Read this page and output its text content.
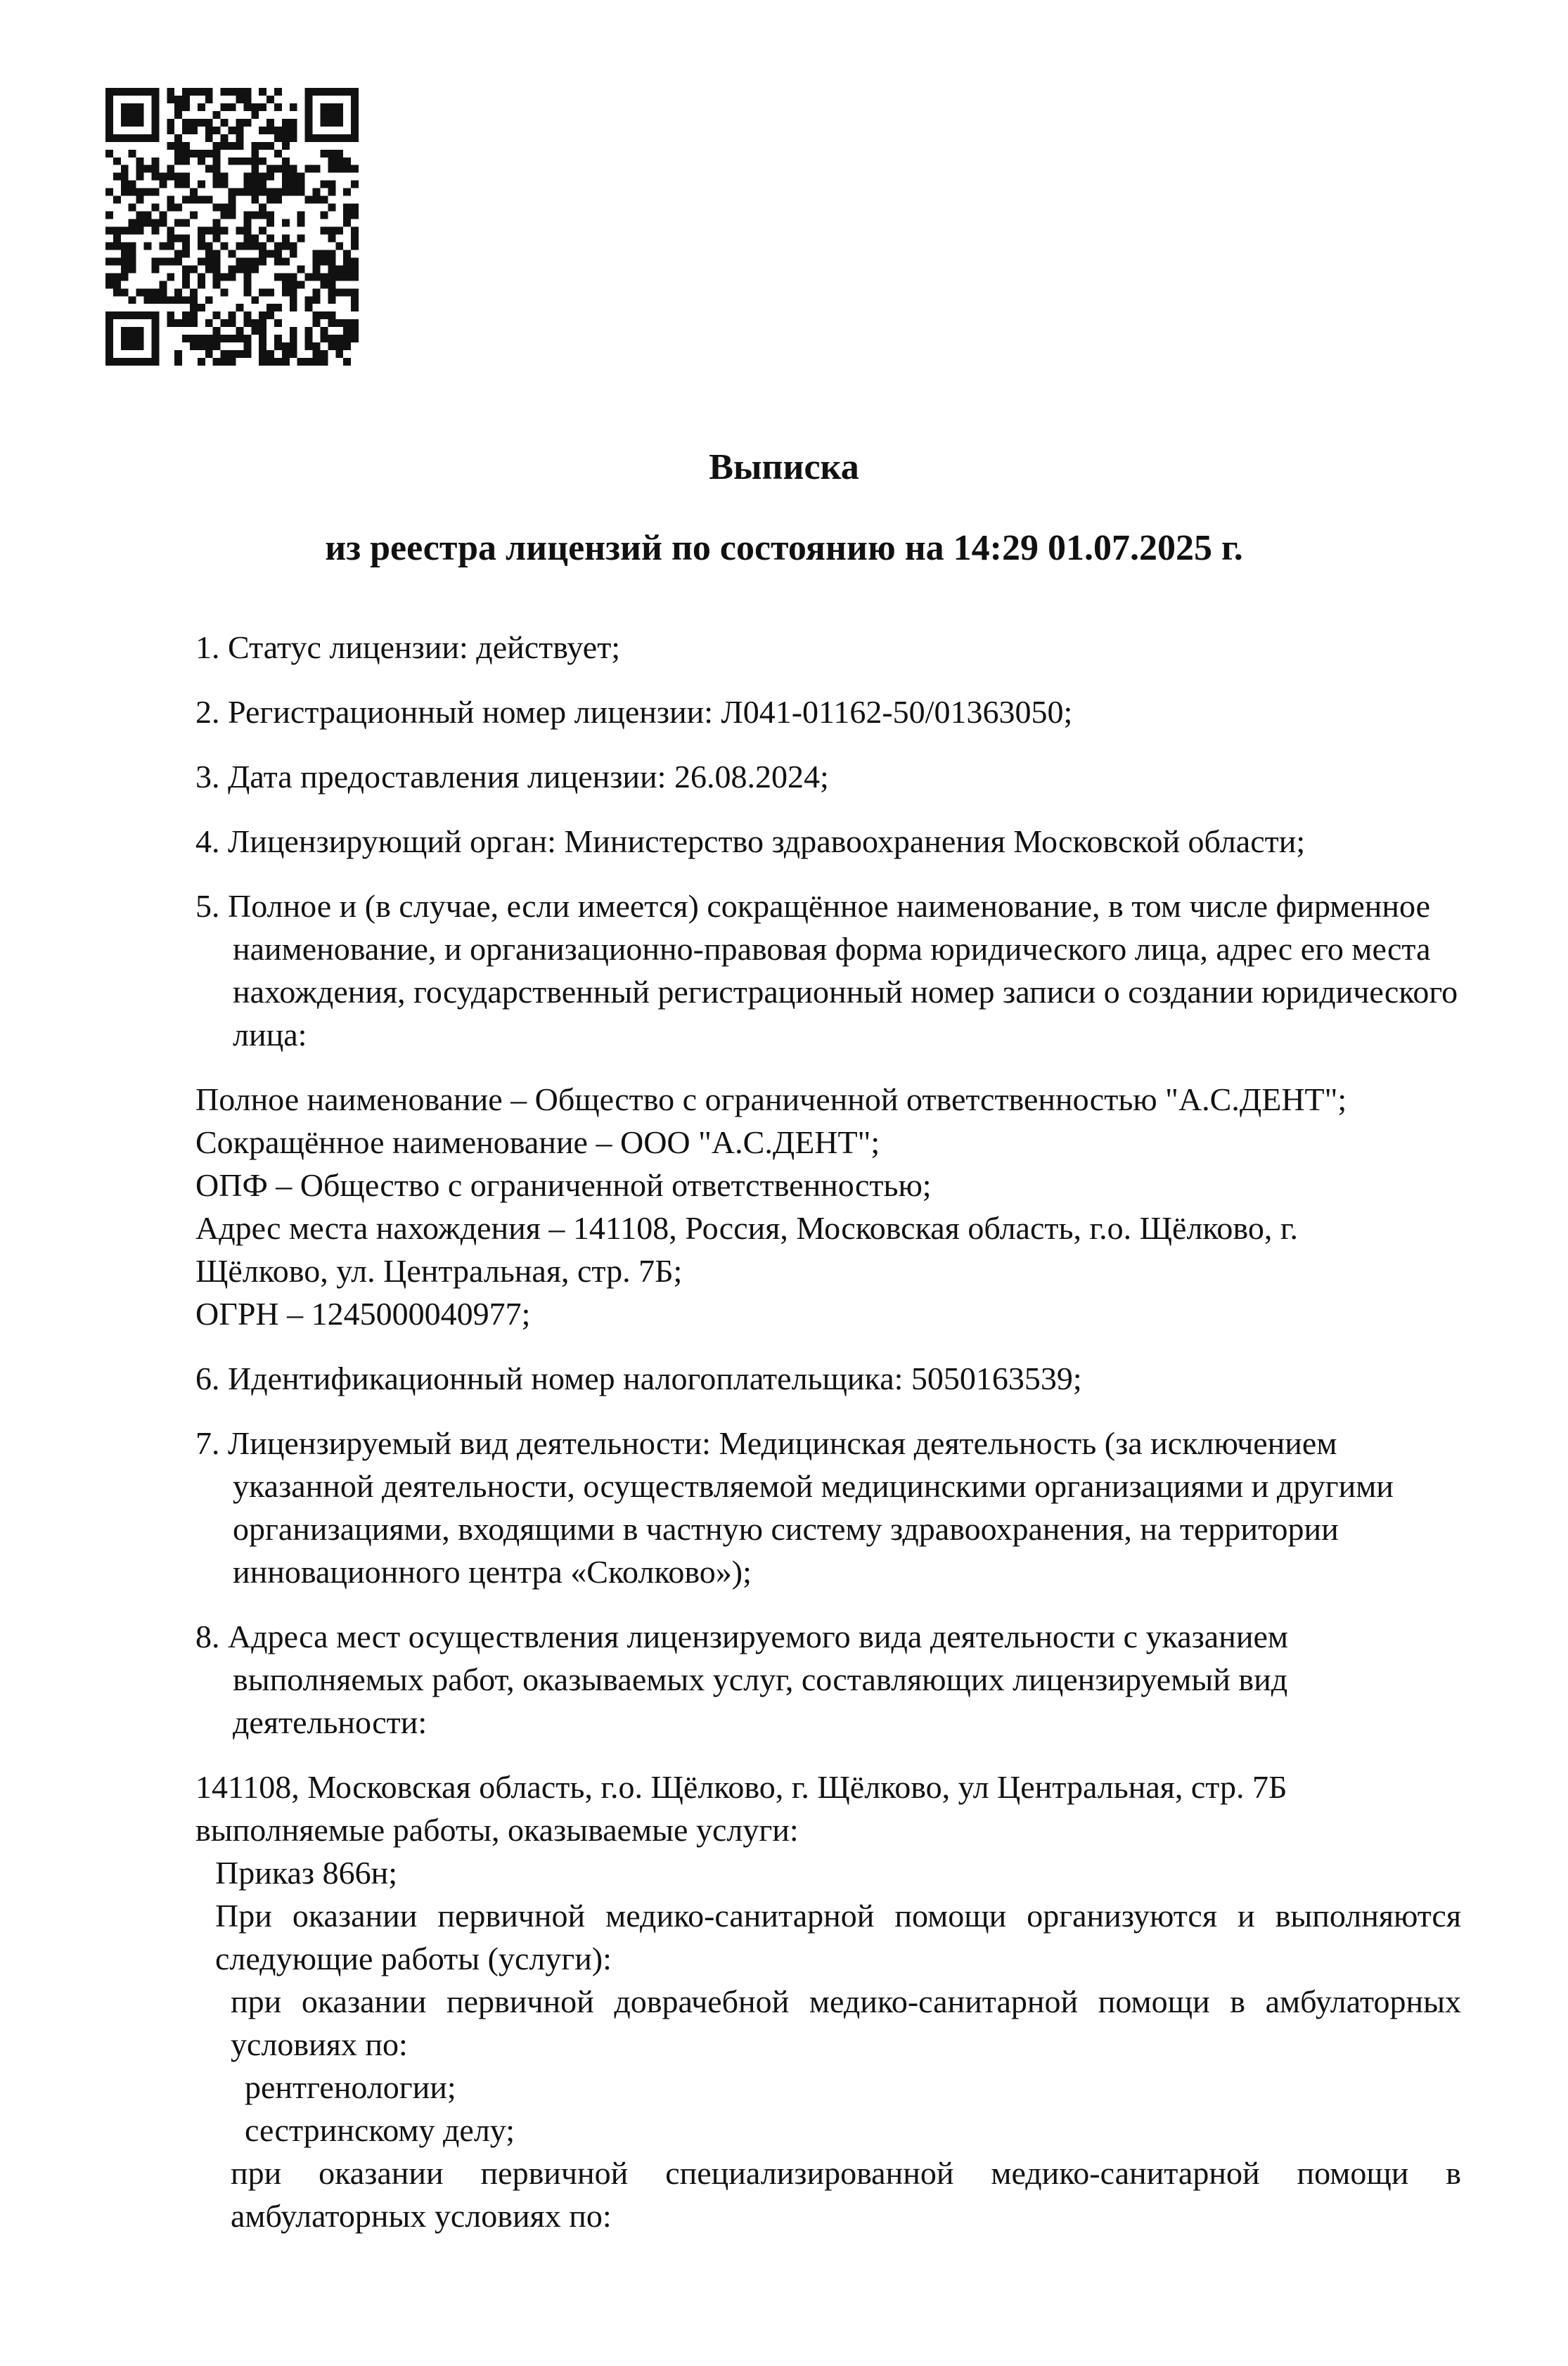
Выписка
из реестра лицензий по состоянию на 14:29 01.07.2025 г.
1. Статус лицензии: действует;
2. Регистрационный номер лицензии: Л041-01162-50/01363050;
3. Дата предоставления лицензии: 26.08.2024;
4. Лицензирующий орган: Министерство здравоохранения Московской области;
5. Полное и (в случае, если имеется) сокращённое наименование, в том числе фирменное наименование, и организационно-правовая форма юридического лица, адрес его места нахождения, государственный регистрационный номер записи о создании юридического лица:
Полное наименование – Общество с ограниченной ответственностью "А.С.ДЕНТ";
Сокращённое наименование – ООО "А.С.ДЕНТ";
ОПФ – Общество с ограниченной ответственностью;
Адрес места нахождения – 141108, Россия, Московская область, г.о. Щёлково, г.
Щёлково, ул. Центральная, стр. 7Б;
ОГРН – 1245000040977;
6. Идентификационный номер налогоплательщика: 5050163539;
7. Лицензируемый вид деятельности: Медицинская деятельность (за исключением указанной деятельности, осуществляемой медицинскими организациями и другими организациями, входящими в частную систему здравоохранения, на территории инновационного центра «Сколково»);
8. Адреса мест осуществления лицензируемого вида деятельности с указанием выполняемых работ, оказываемых услуг, составляющих лицензируемый вид деятельности:
141108, Московская область, г.о. Щёлково, г. Щёлково, ул Центральная, стр. 7Б
выполняемые работы, оказываемые услуги:
Приказ 866н;
При оказании первичной медико-санитарной помощи организуются и выполняются следующие работы (услуги):
при оказании первичной доврачебной медико-санитарной помощи в амбулаторных условиях по:
рентгенологии;
сестринскому делу;
при оказании первичной специализированной медико-санитарной помощи в амбулаторных условиях по:
